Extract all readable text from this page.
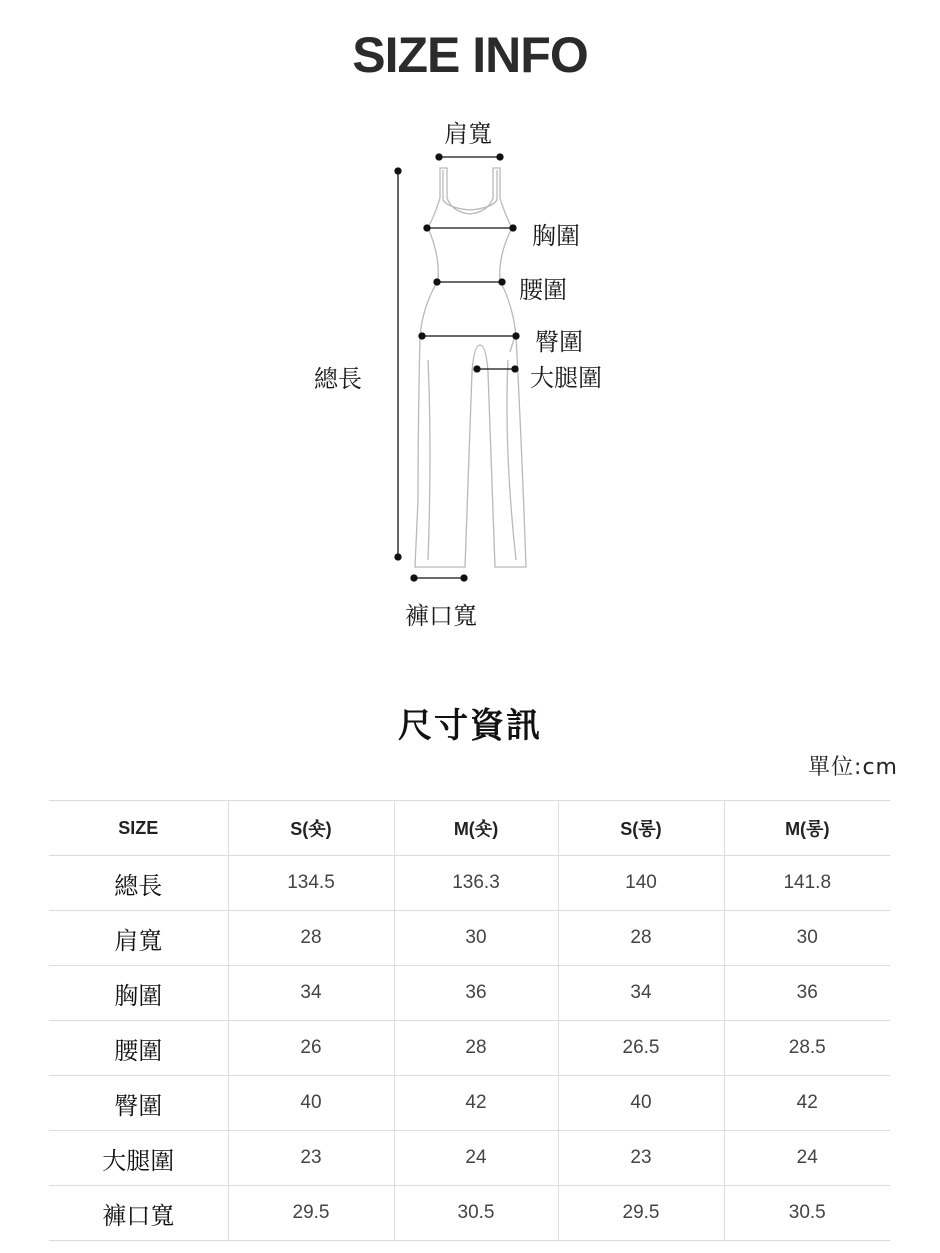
SIZE INFO
肩寬
胸圍
腰圍
臀圍
大腿圍
總長
褲口寬
尺寸資訊
單位:cm
SIZE	S(숏)	M(숏)	S(롱)	M(롱)
總長	134.5	136.3	140	141.8
肩寬	28	30	28	30
胸圍	34	36	34	36
腰圍	26	28	26.5	28.5
臀圍	40	42	40	42
大腿圍	23	24	23	24
褲口寬	29.5	30.5	29.5	30.5
